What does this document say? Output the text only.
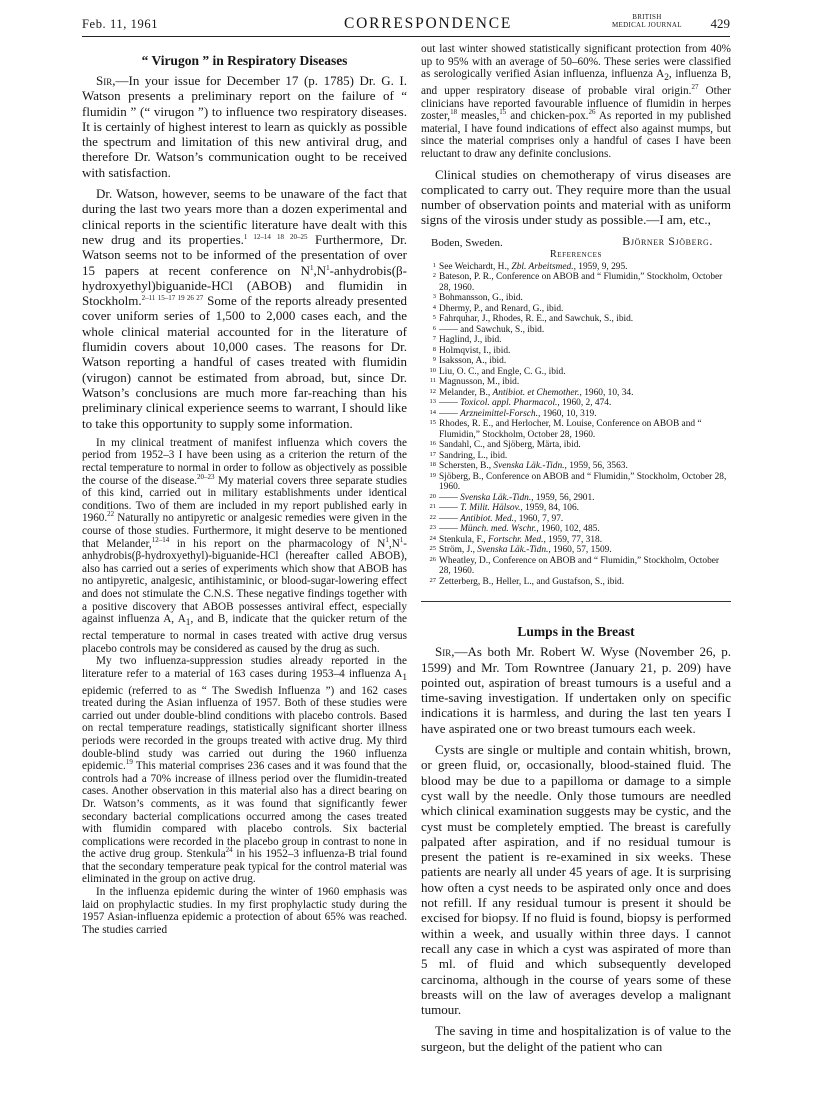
Feb. 11, 1961	CORRESPONDENCE	BRITISH
MEDICAL JOURNAL 429
“ Virugon ” in Respiratory Diseases

Sir,—In your issue for December 17 (p. 1785) Dr. G. I. Watson presents a preliminary report on the failure of “ flumidin ” (“ virugon ”) to influence two respiratory diseases. It is certainly of highest interest to learn as quickly as possible the spectrum and limitation of this new antiviral drug, and therefore Dr. Watson’s communication ought to be received with satisfaction.

Dr. Watson, however, seems to be unaware of the fact that during the last two years more than a dozen experimental and clinical reports in the scientific literature have dealt with this new drug and its properties.$^{1 12-14 18 20-25}$ Furthermore, Dr. Watson seems not to be informed of the presentation of over 15 papers at recent conference on $N^1,N^1-anhydrobis(\beta-hydroxyethyl)biguanide$-HCl (ABOB) and flumidin in Stockholm.$^{2-11 15-17 19 26 27}$ Some of the reports already presented cover uniform series of 1,500 to 2,000 cases each, and the whole clinical material accounted for in the literature of flumidin covers about 10,000 cases. The reasons for Dr. Watson reporting a handful of cases treated with flumidin (virugon) cannot be estimated from abroad, but, since Dr. Watson’s conclusions are much more far-reaching than his preliminary clinical experience seems to warrant, I should like to take this opportunity to supply some information.

In my clinical treatment of manifest influenza which covers the period from 1952–3 I have been using as a criterion the return of the rectal temperature to normal in order to follow as objectively as possible the course of the disease.$^{20-23}$ My material covers three separate studies of this kind, carried out in military establishments under identical conditions. Two of them are included in my report published early in 1960.22 Naturally no antipyretic or analgesic remedies were given in the course of those studies. Furthermore, it might deserve to be mentioned that Melander,$^{12-14}$ in his report on the pharmacology of $N^1,N^1-anhydrobis(\beta-hydroxyethyl)-biguanide$-HCl (hereafter called ABOB), also has carried out a series of experiments which show that ABOB has no antipyretic, analgesic, antihistaminic, or blood-sugar-lowering effect and does not stimulate the C.N.S. These negative findings together with a positive discovery that ABOB possesses antiviral effect, especially against influenza A, $A_1$, and B, indicate that the quicker return of the rectal temperature to normal in cases treated with active drug versus placebo controls may be considered as caused by the drug as such.

My two influenza-suppression studies already reported in the literature refer to a material of 163 cases during 1953–4 influenza $A_1$ epidemic (referred to as “ The Swedish Influenza ”) and 162 cases treated during the Asian influenza of 1957. Both of these studies were carried out under double-blind conditions with placebo controls. Based on rectal temperature readings, statistically significant shorter illness periods were recorded in the groups treated with active drug. My third double-blind study was carried out during the 1960 influenza epidemic.$^{19}$ This material comprises 236 cases and it was found that the controls had a 70% increase of illness period over the flumidin-treated cases. Another observation in this material also has a direct bearing on Dr. Watson’s comments, as it was found that significantly fewer secondary bacterial complications occurred among the cases treated with flumidin compared with placebo controls. Six bacterial complications were recorded in the placebo group in contrast to none in the active drug group. Stenkula$^{24}$ in his 1952–3 influenza-B trial found that the secondary temperature peak typical for the control material was eliminated in the group on active drug.

In the influenza epidemic during the winter of 1960 emphasis was laid on prophylactic studies. In my first prophylactic study during the 1957 Asian-influenza epidemic a protection of about 65% was reached. The studies carried

out last winter showed statistically significant protection from 40% up to 95% with an average of 50–60%. These series were classified as serologically verified Asian influenza, influenza $A_2$, influenza B, and upper respiratory disease of probable viral origin.$^{27}$ Other clinicians have reported favourable influence of flumidin in herpes zoster,$^{18}$ measles,$^{15}$ and chicken-pox.$^{26}$ As reported in my published material, I have found indications of effect also against mumps, but since the material comprises only a handful of cases I have been reluctant to draw any definite conclusions.

Clinical studies on chemotherapy of virus diseases are complicated to carry out. They require more than the usual number of observation points and material with as uniform signs of the virosis under study as possible.—I am, etc.,

Boden, Sweden.	Björner Sjöberg.
References
1 See Weichardt, H., Zbl. Arbeitsmed., 1959, 9, 295.
2 Bateson, P. R., Conference on ABOB and “ Flumidin,” Stockholm, October 28, 1960.
3 Bohmansson, G., ibid.
4 Dhermy, P., and Renard, G., ibid.
5 Fahrquhar, J., Rhodes, R. E., and Sawchuk, S., ibid.
6 —— and Sawchuk, S., ibid.
7 Haglind, J., ibid.
8 Holmqvist, I., ibid.
9 Isaksson, A., ibid.
10 Liu, O. C., and Engle, C. G., ibid.
11 Magnusson, M., ibid.
12 Melander, B., Antibiot. et Chemother., 1960, 10, 34.
13 —— Toxicol. appl. Pharmacol., 1960, 2, 474.
14 —— Arzneimittel-Forsch., 1960, 10, 319.
15 Rhodes, R. E., and Herlocher, M. Louise, Conference on ABOB and “ Flumidin,” Stockholm, October 28, 1960.
16 Sandahl, C., and Sjöberg, Märta, ibid.
17 Sandring, L., ibid.
18 Schersten, B., Svenska Läk.-Tidn., 1959, 56, 3563.
19 Sjöberg, B., Conference on ABOB and “ Flumidin,” Stockholm, October 28, 1960.
20 —— Svenska Läk.-Tidn., 1959, 56, 2901.
21 —— T. Milit. Hälsov., 1959, 84, 106.
22 —— Antibiot. Med., 1960, 7, 97.
23 —— Münch. med. Wschr., 1960, 102, 485.
24 Stenkula, F., Fortschr. Med., 1959, 77, 318.
25 Ström, J., Svenska Läk.-Tidn., 1960, 57, 1509.
26 Wheatley, D., Conference on ABOB and “ Flumidin,” Stockholm, October 28, 1960.
27 Zetterberg, B., Heller, L., and Gustafson, S., ibid.
Lumps in the Breast

Sir,—As both Mr. Robert W. Wyse (November 26, p. 1599) and Mr. Tom Rowntree (January 21, p. 209) have pointed out, aspiration of breast tumours is a useful and a time-saving investigation. If undertaken only on specific indications it is harmless, and during the last ten years I have aspirated one or two breast tumours each week.

Cysts are single or multiple and contain whitish, brown, or green fluid, or, occasionally, blood-stained fluid. The blood may be due to a papilloma or damage to a simple cyst wall by the needle. Only those tumours are needled which clinical examination suggests may be cystic, and the cyst must be completely emptied. The breast is carefully palpated after aspiration, and if no residual tumour is present the patient is re-examined in six weeks. These patients are nearly all under 45 years of age. It is surprising how often a cyst needs to be aspirated only once and does not refill. If any residual tumour is present it should be excised for biopsy. If no fluid is found, biopsy is performed within a week, and usually within three days. I cannot recall any case in which a cyst was aspirated of more than 5 ml. of fluid and which subsequently developed carcinoma, although in the course of years some of these breasts will on the law of averages develop a malignant tumour.

The saving in time and hospitalization is of value to the surgeon, but the delight of the patient who can
